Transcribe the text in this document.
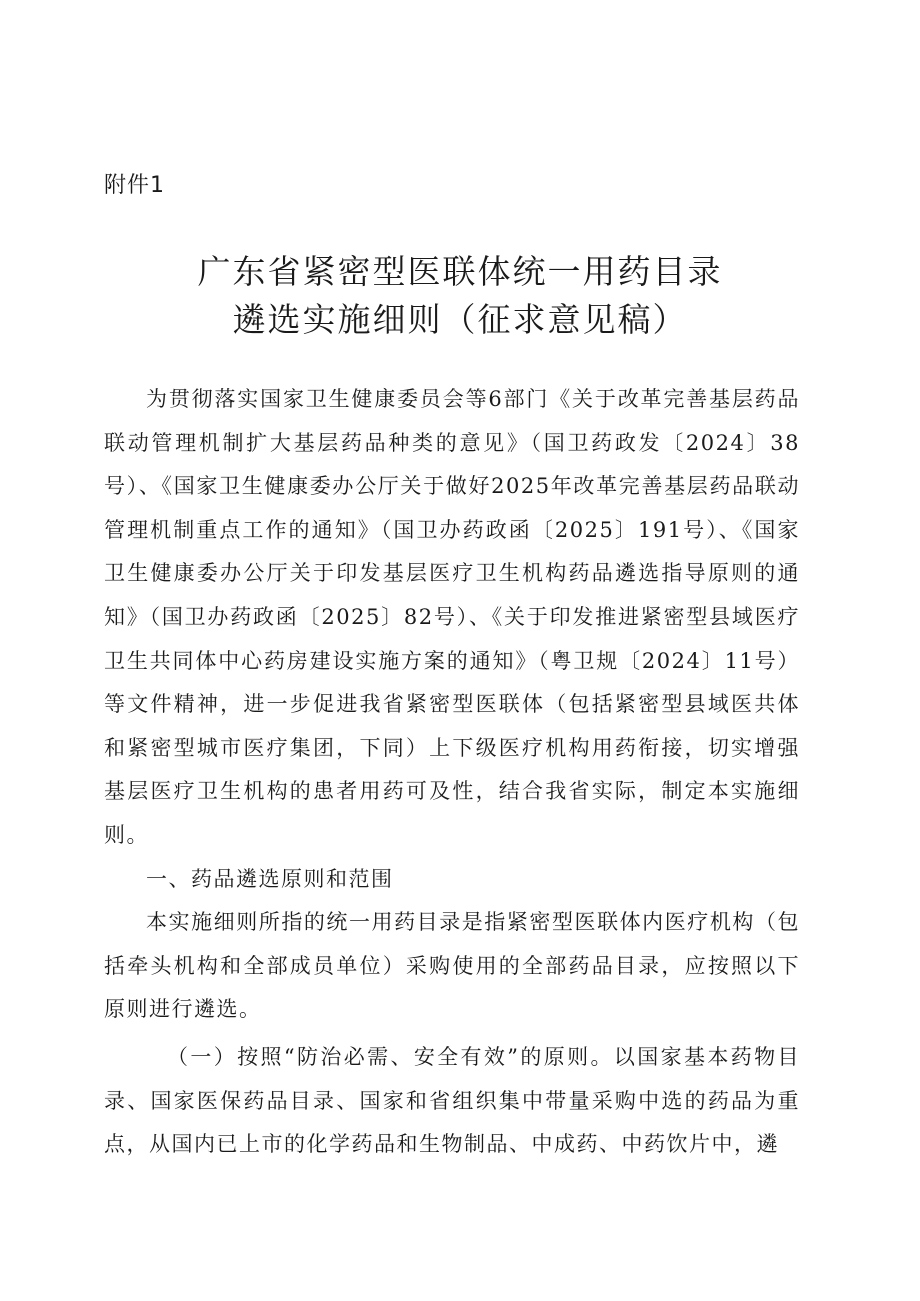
附件1
广东省紧密型医联体统一用药目录
遴选实施细则（征求意见稿）

为贯彻落实国家卫生健康委员会等6部门《关于改革完善基层药品联动管理机制扩大基层药品种类的意见》（国卫药政发〔2024〕38号）、《国家卫生健康委办公厅关于做好2025年改革完善基层药品联动管理机制重点工作的通知》（国卫办药政函〔2025〕191号）、《国家卫生健康委办公厅关于印发基层医疗卫生机构药品遴选指导原则的通知》（国卫办药政函〔2025〕82号）、《关于印发推进紧密型县域医疗卫生共同体中心药房建设实施方案的通知》（粤卫规〔2024〕11号）等文件精神，进一步促进我省紧密型医联体（包括紧密型县域医共体和紧密型城市医疗集团，下同）上下级医疗机构用药衔接，切实增强基层医疗卫生机构的患者用药可及性，结合我省实际，制定本实施细则。

一、药品遴选原则和范围

本实施细则所指的统一用药目录是指紧密型医联体内医疗机构（包括牵头机构和全部成员单位）采购使用的全部药品目录，应按照以下原则进行遴选。

（一）按照“防治必需、安全有效”的原则。以国家基本药物目录、国家医保药品目录、国家和省组织集中带量采购中选的药品为重点，从国内已上市的化学药品和生物制品、中成药、中药饮片中，遴
